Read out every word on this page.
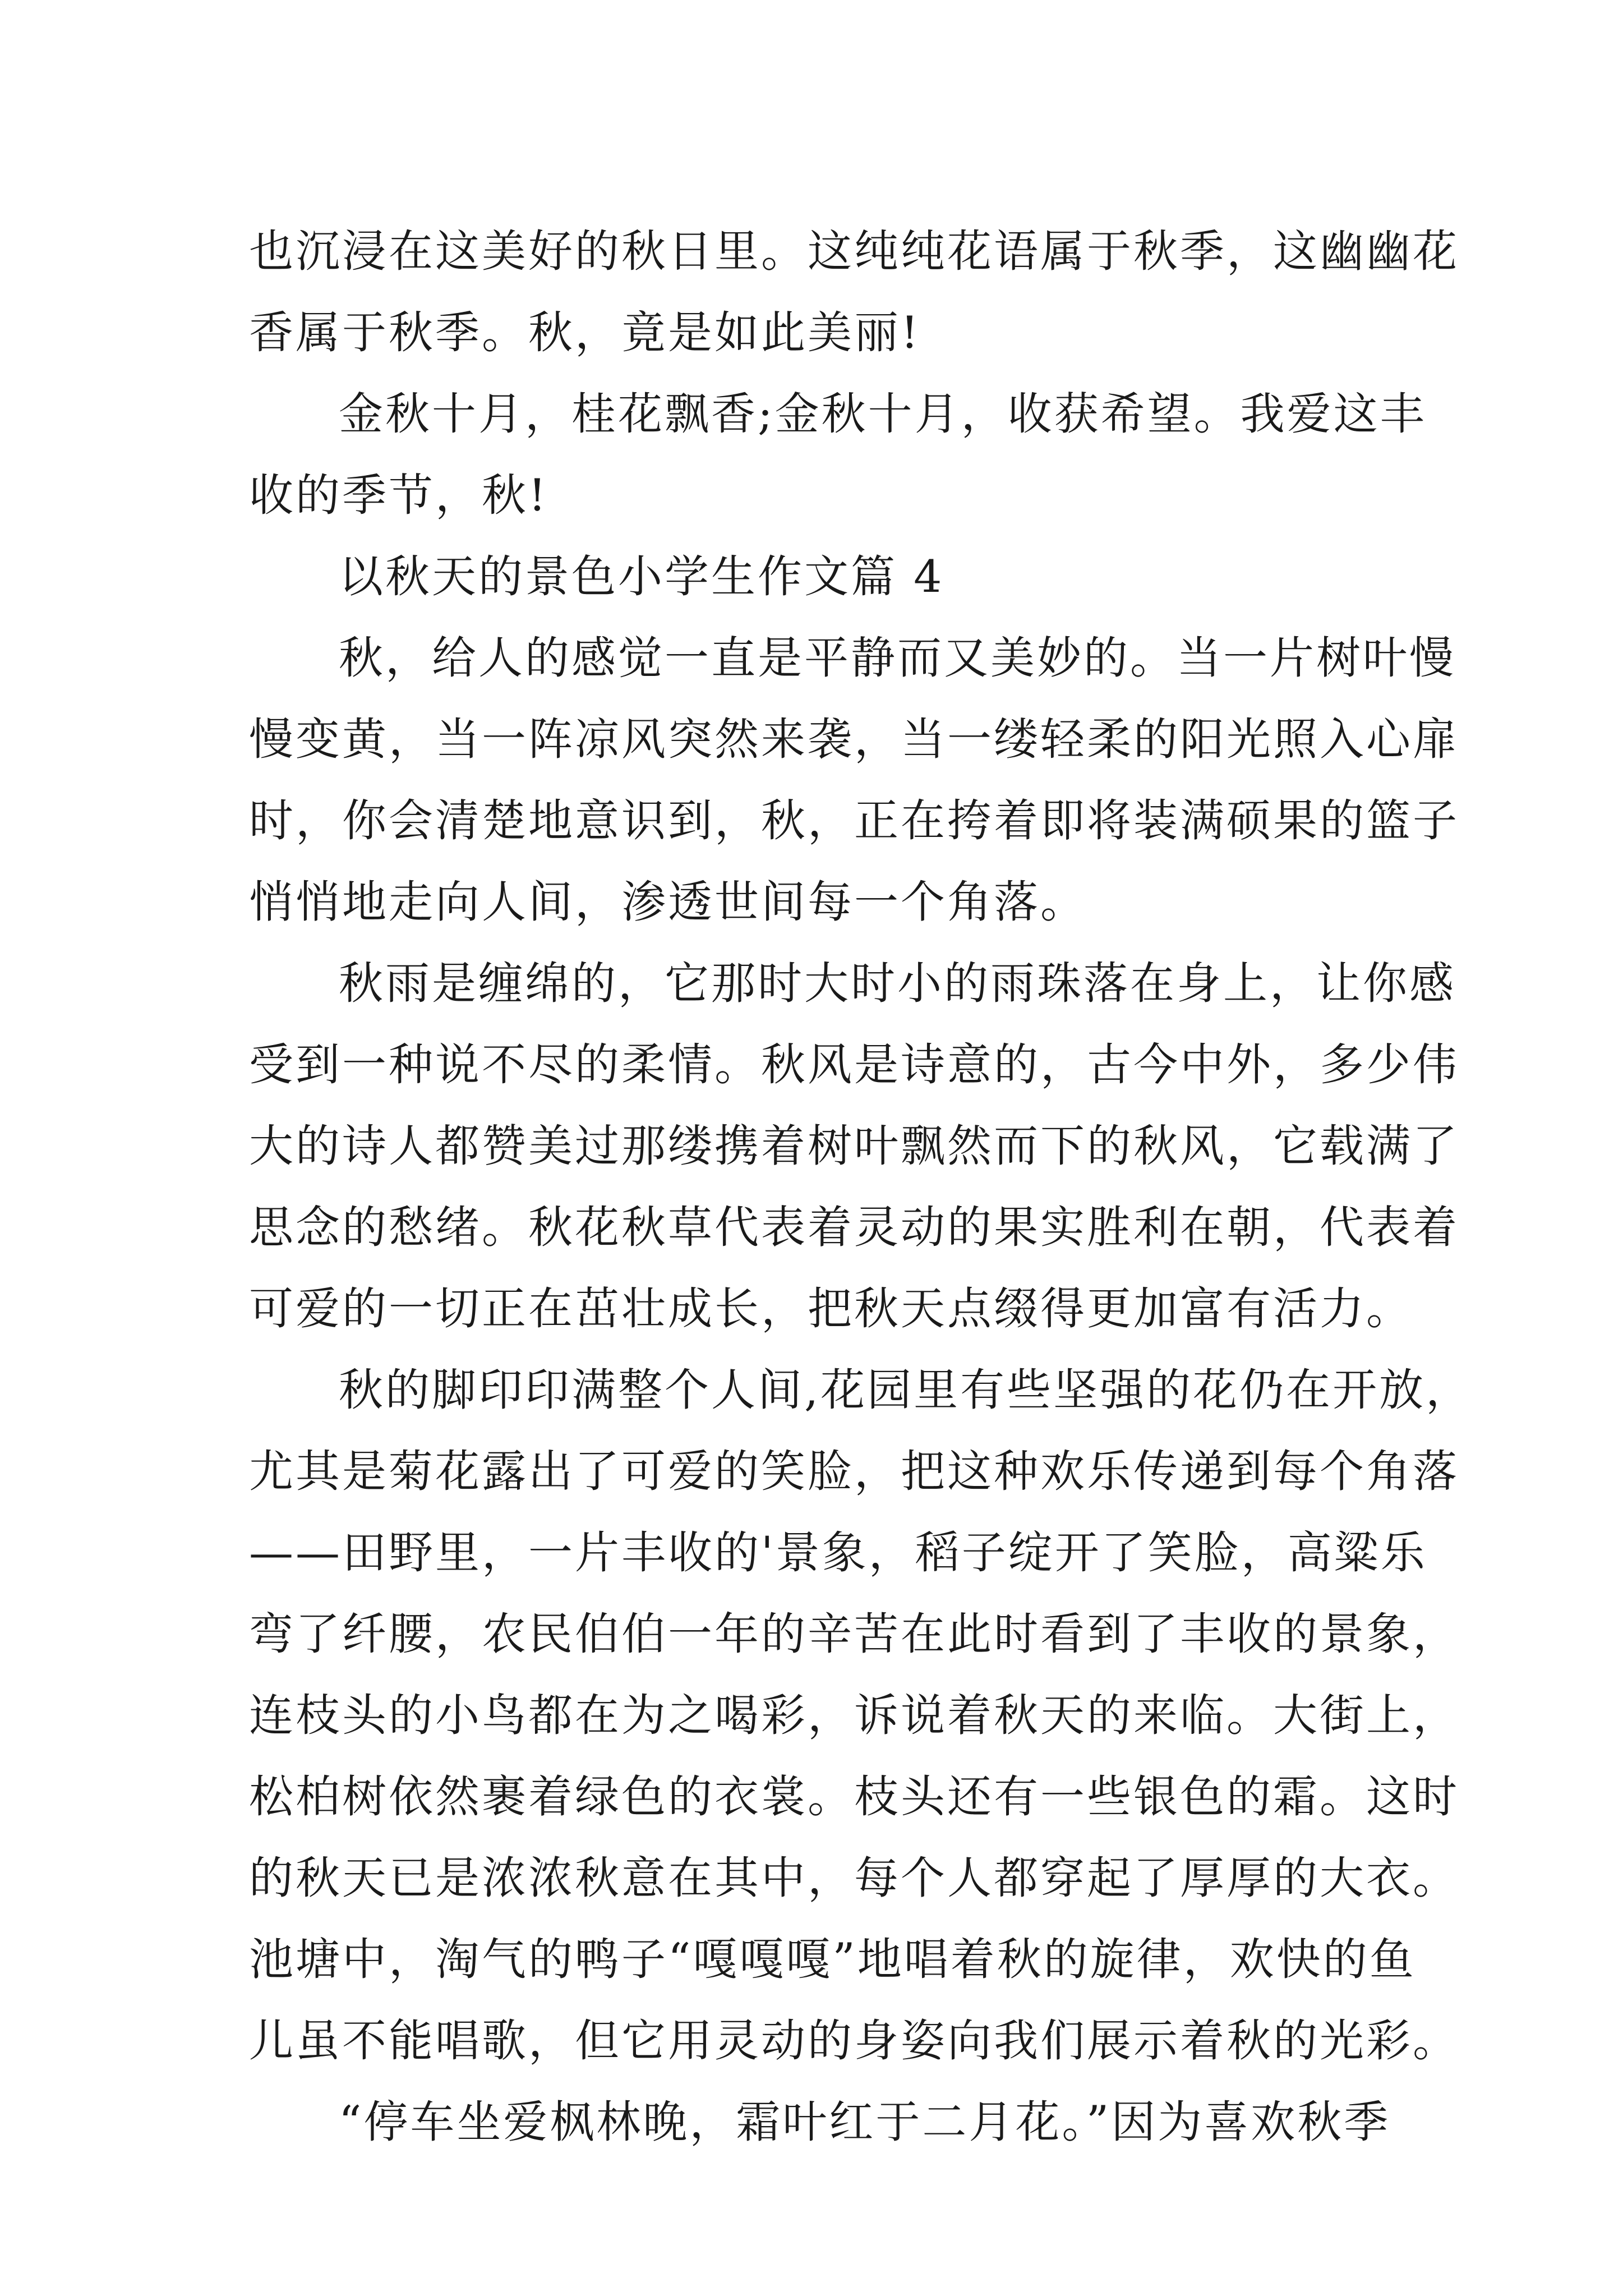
也沉浸在这美好的秋日里。这纯纯花语属于秋季，这幽幽花
香属于秋季。秋，竟是如此美丽!
金秋十月，桂花飘香;金秋十月，收获希望。我爱这丰
收的季节，秋!
以秋天的景色小学生作文篇 4
秋，给人的感觉一直是平静而又美妙的。当一片树叶慢
慢变黄，当一阵凉风突然来袭，当一缕轻柔的阳光照入心扉
时，你会清楚地意识到，秋，正在挎着即将装满硕果的篮子
悄悄地走向人间，渗透世间每一个角落。
秋雨是缠绵的，它那时大时小的雨珠落在身上，让你感
受到一种说不尽的柔情。秋风是诗意的，古今中外，多少伟
大的诗人都赞美过那缕携着树叶飘然而下的秋风，它载满了
思念的愁绪。秋花秋草代表着灵动的果实胜利在朝，代表着
可爱的一切正在茁壮成长，把秋天点缀得更加富有活力。
秋的脚印印满整个人间,花园里有些坚强的花仍在开放，
尤其是菊花露出了可爱的笑脸，把这种欢乐传递到每个角落
——田野里，一片丰收的'景象，稻子绽开了笑脸，高粱乐
弯了纤腰，农民伯伯一年的辛苦在此时看到了丰收的景象，
连枝头的小鸟都在为之喝彩，诉说着秋天的来临。大街上，
松柏树依然裹着绿色的衣裳。枝头还有一些银色的霜。这时
的秋天已是浓浓秋意在其中，每个人都穿起了厚厚的大衣。
池塘中，淘气的鸭子“嘎嘎嘎”地唱着秋的旋律，欢快的鱼
儿虽不能唱歌，但它用灵动的身姿向我们展示着秋的光彩。
“停车坐爱枫林晚，霜叶红于二月花。”因为喜欢秋季
